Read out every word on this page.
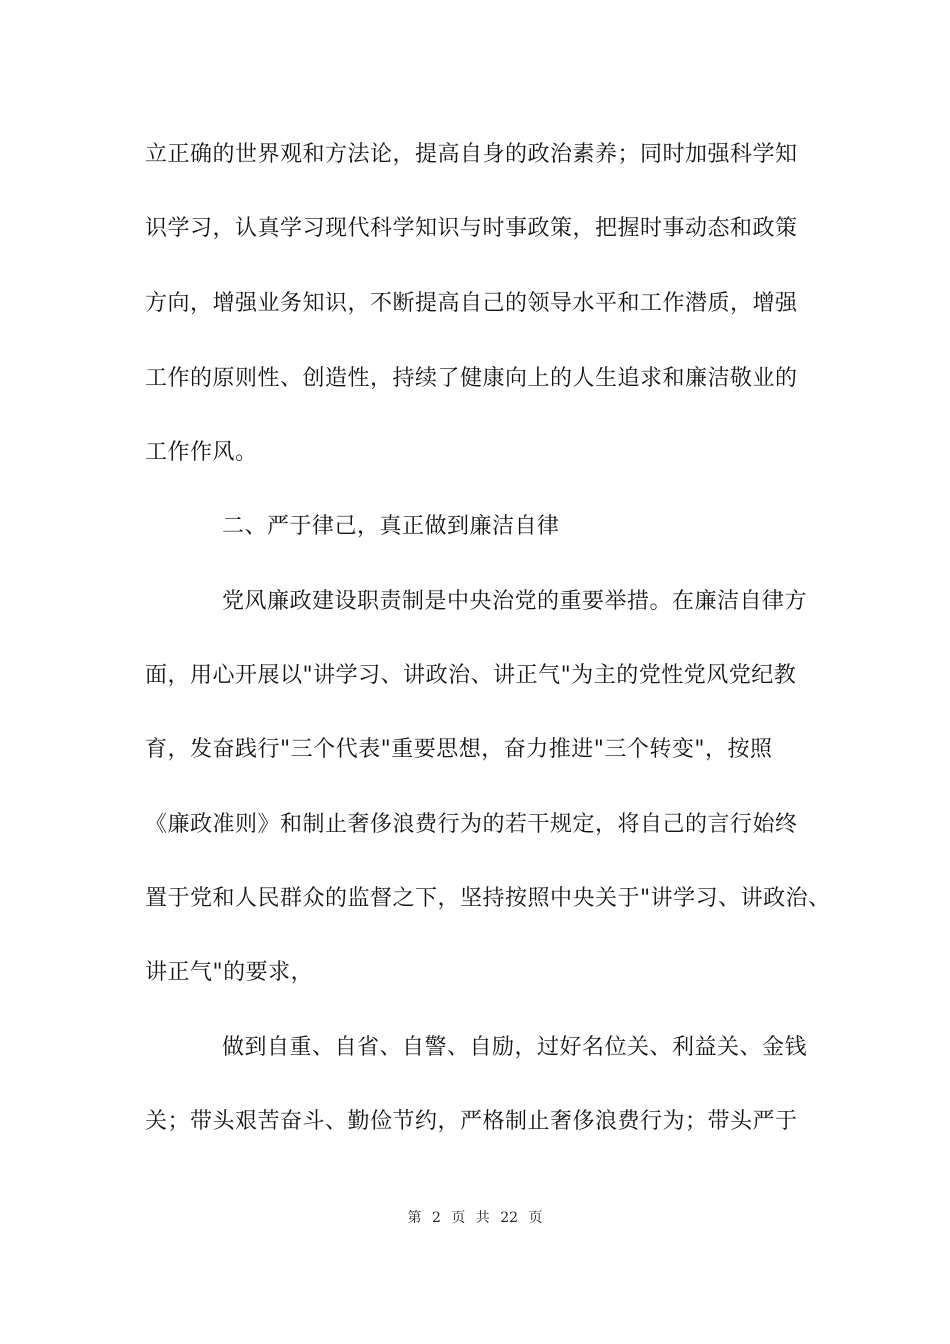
立正确的世界观和方法论，提高自身的政治素养；同时加强科学知
识学习，认真学习现代科学知识与时事政策，把握时事动态和政策
方向，增强业务知识，不断提高自己的领导水平和工作潜质，增强
工作的原则性、创造性，持续了健康向上的人生追求和廉洁敬业的
工作作风。
二、严于律己，真正做到廉洁自律
党风廉政建设职责制是中央治党的重要举措。在廉洁自律方
面，用心开展以"讲学习、讲政治、讲正气"为主的党性党风党纪教
育，发奋践行"三个代表"重要思想，奋力推进"三个转变"，按照
《廉政准则》和制止奢侈浪费行为的若干规定，将自己的言行始终
置于党和人民群众的监督之下，坚持按照中央关于"讲学习、讲政治、
讲正气"的要求，
做到自重、自省、自警、自励，过好名位关、利益关、金钱
关；带头艰苦奋斗、勤俭节约，严格制止奢侈浪费行为；带头严于
第 2 页 共 22 页
